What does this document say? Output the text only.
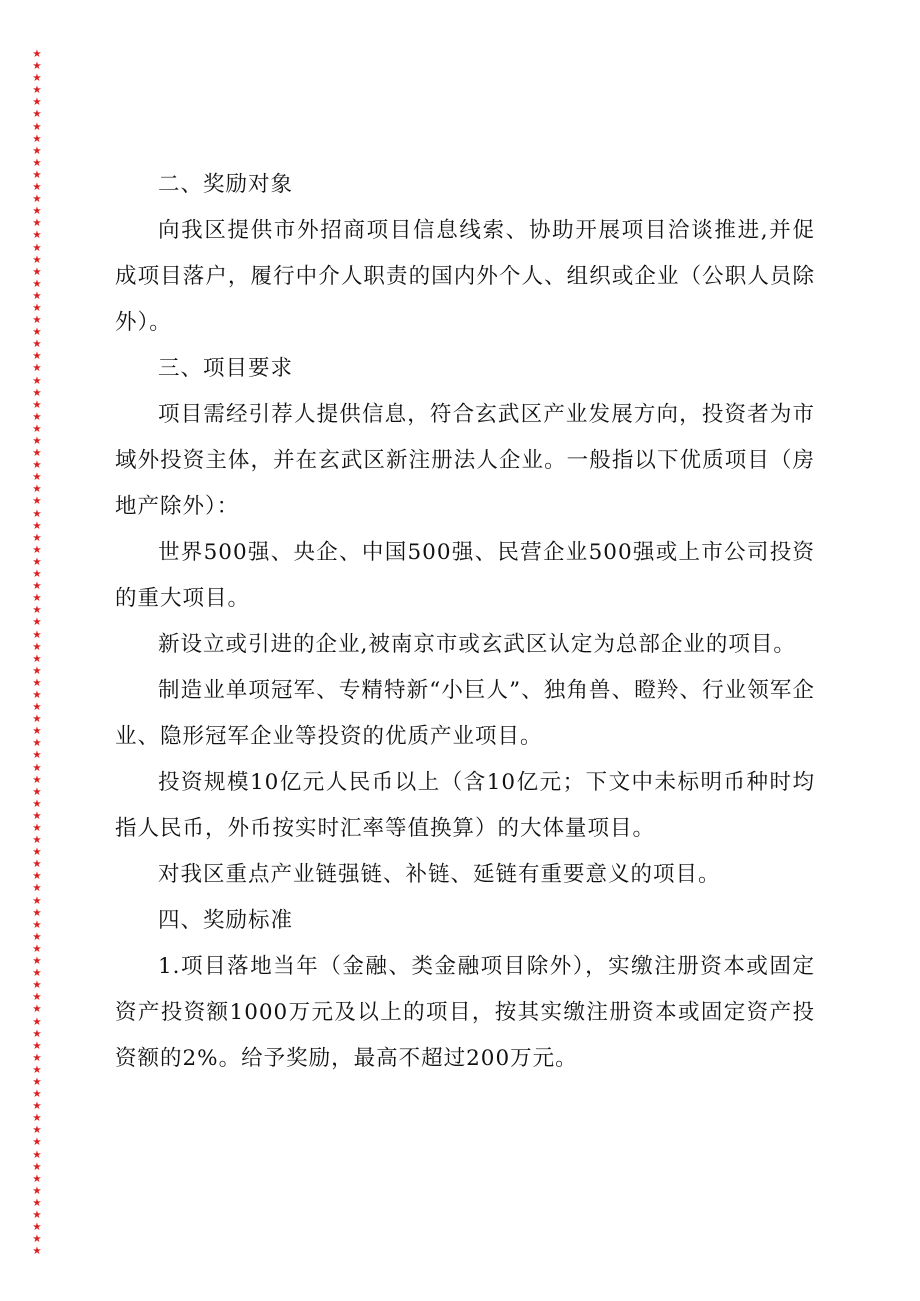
★
★
★
★
★
★
★
★
★
★
★
★
★
★
★
★
★
★
★
★
★
★
★
★
★
★
★
★
★
★
★
★
★
★
★
★
★
★
★
★
★
★
★
★
★
★
★
★
★
★
★
★
★
★
★
★
★
★
★
★
★
★
★
★
★
★
★
★
★
★
★
★
★
★
★
★
★
★
★
★
★
★
★
★
★
★
★
★
★
★
★
★
★
★
★
★
★
★
★
★

二、奖励对象

向我区提供市外招商项目信息线索、协助开展项目洽谈推进,并促成项目落户，履行中介人职责的国内外个人、组织或企业（公职人员除外）。

三、项目要求

项目需经引荐人提供信息，符合玄武区产业发展方向，投资者为市域外投资主体，并在玄武区新注册法人企业。一般指以下优质项目（房地产除外）：

世界500强、央企、中国500强、民营企业500强或上市公司投资的重大项目。

新设立或引进的企业,被南京市或玄武区认定为总部企业的项目。

制造业单项冠军、专精特新“小巨人”、独角兽、瞪羚、行业领军企业、隐形冠军企业等投资的优质产业项目。

投资规模10亿元人民币以上（含10亿元；下文中未标明币种时均指人民币，外币按实时汇率等值换算）的大体量项目。

对我区重点产业链强链、补链、延链有重要意义的项目。

四、奖励标准

1.项目落地当年（金融、类金融项目除外），实缴注册资本或固定资产投资额1000万元及以上的项目，按其实缴注册资本或固定资产投资额的2%。给予奖励，最高不超过200万元。
